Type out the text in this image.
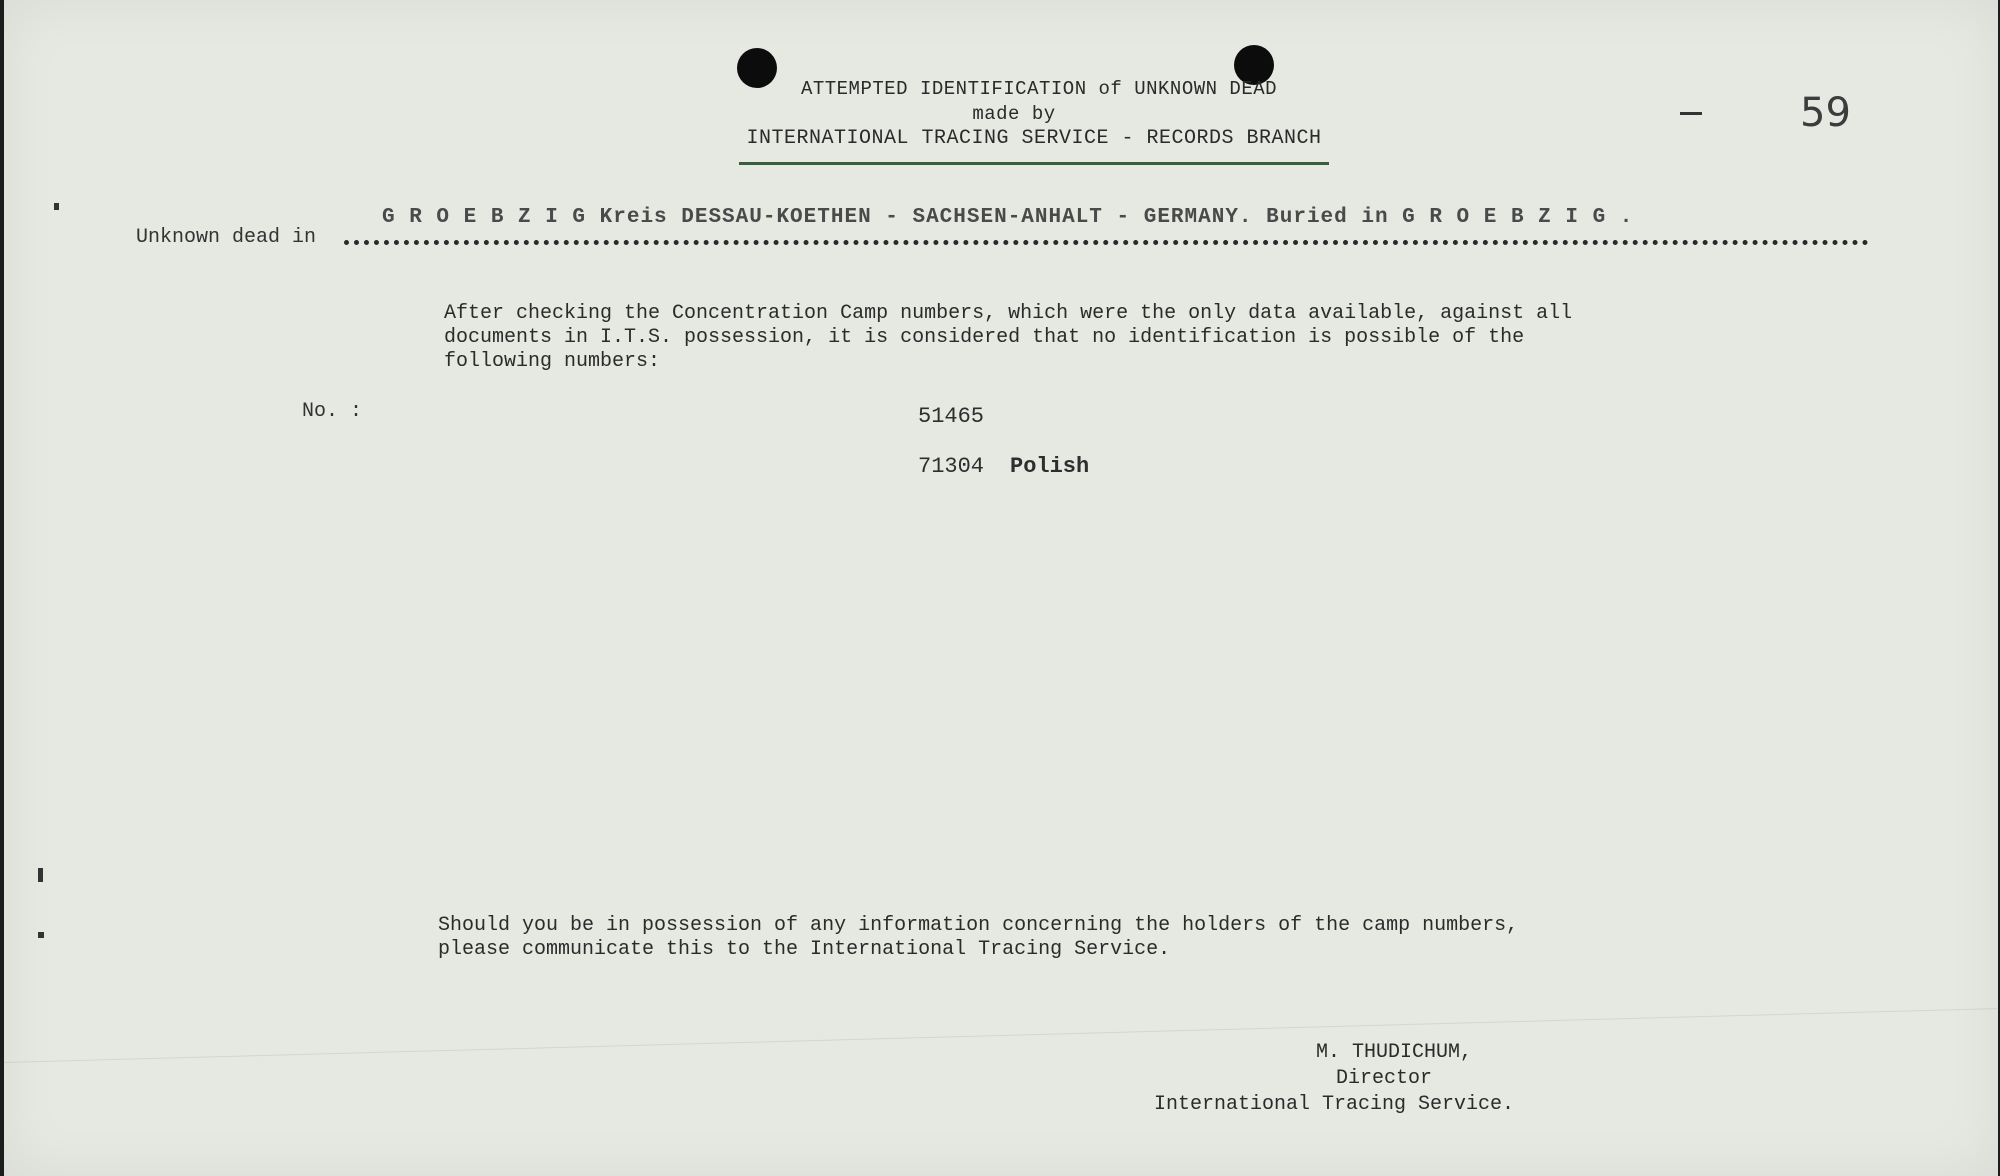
ATTEMPTED IDENTIFICATION of UNKNOWN DEAD
made by
INTERNATIONAL TRACING SERVICE - RECORDS BRANCH
59
G R O E B Z I G Kreis DESSAU-KOETHEN - SACHSEN-ANHALT - GERMANY. Buried in G R O E B Z I G .
Unknown dead in
After checking the Concentration Camp numbers, which were the only data available, against all
documents in I.T.S. possession, it is considered that no identification is possible of the
following numbers:
No. :	51465
71304 Polish
Should you be in possession of any information concerning the holders of the camp numbers,
please communicate this to the International Tracing Service.
M. THUDICHUM,
Director
International Tracing Service.
